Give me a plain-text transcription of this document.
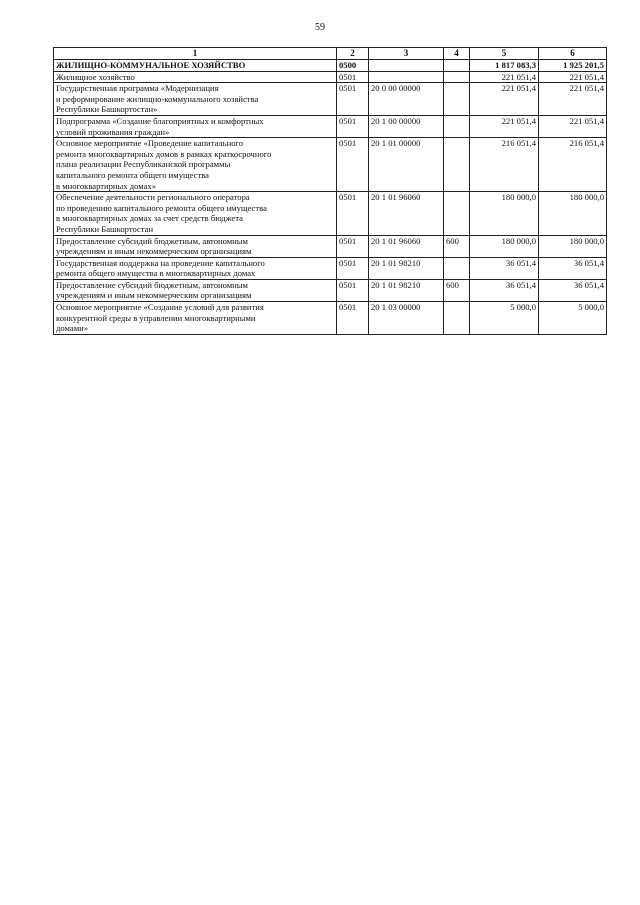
59
1	2	3	4	5	6

ЖИЛИЩНО-КОММУНАЛЬНОЕ ХОЗЯЙСТВО	0500			1 817 083,3	1 925 201,5

Жилищное хозяйство	0501			221 051,4	221 051,4

Государственная программа «Модернизация
и реформирование жилищно-коммунального хозяйства
Республики Башкортостан»	0501	20 0 00 00000		221 051,4	221 051,4

Подпрограмма «Создание благоприятных и комфортных
условий проживания граждан»	0501	20 1 00 00000		221 051,4	221 051,4

Основное мероприятие «Проведение капитального
ремонта многоквартирных домов в рамках краткосрочного
плана реализации Республиканской программы
капитального ремонта общего имущества
в многоквартирных домах»	0501	20 1 01 00000		216 051,4	216 051,4

Обеспечение деятельности регионального оператора
по проведению капитального ремонта общего имущества
в многоквартирных домах за счет средств бюджета
Республики Башкортостан	0501	20 1 01 96060		180 000,0	180 000,0

Предоставление субсидий бюджетным, автономным
учреждениям и иным некоммерческим организациям	0501	20 1 01 96060	600	180 000,0	180 000,0

Государственная поддержка на проведение капитального
ремонта общего имущества в многоквартирных домах	0501	20 1 01 98210		36 051,4	36 051,4

Предоставление субсидий бюджетным, автономным
учреждениям и иным некоммерческим организациям	0501	20 1 01 98210	600	36 051,4	36 051,4

Основное мероприятие «Создание условий для развития
конкурентной среды в управлении многоквартирными
домами»	0501	20 1 03 00000		5 000,0	5 000,0
